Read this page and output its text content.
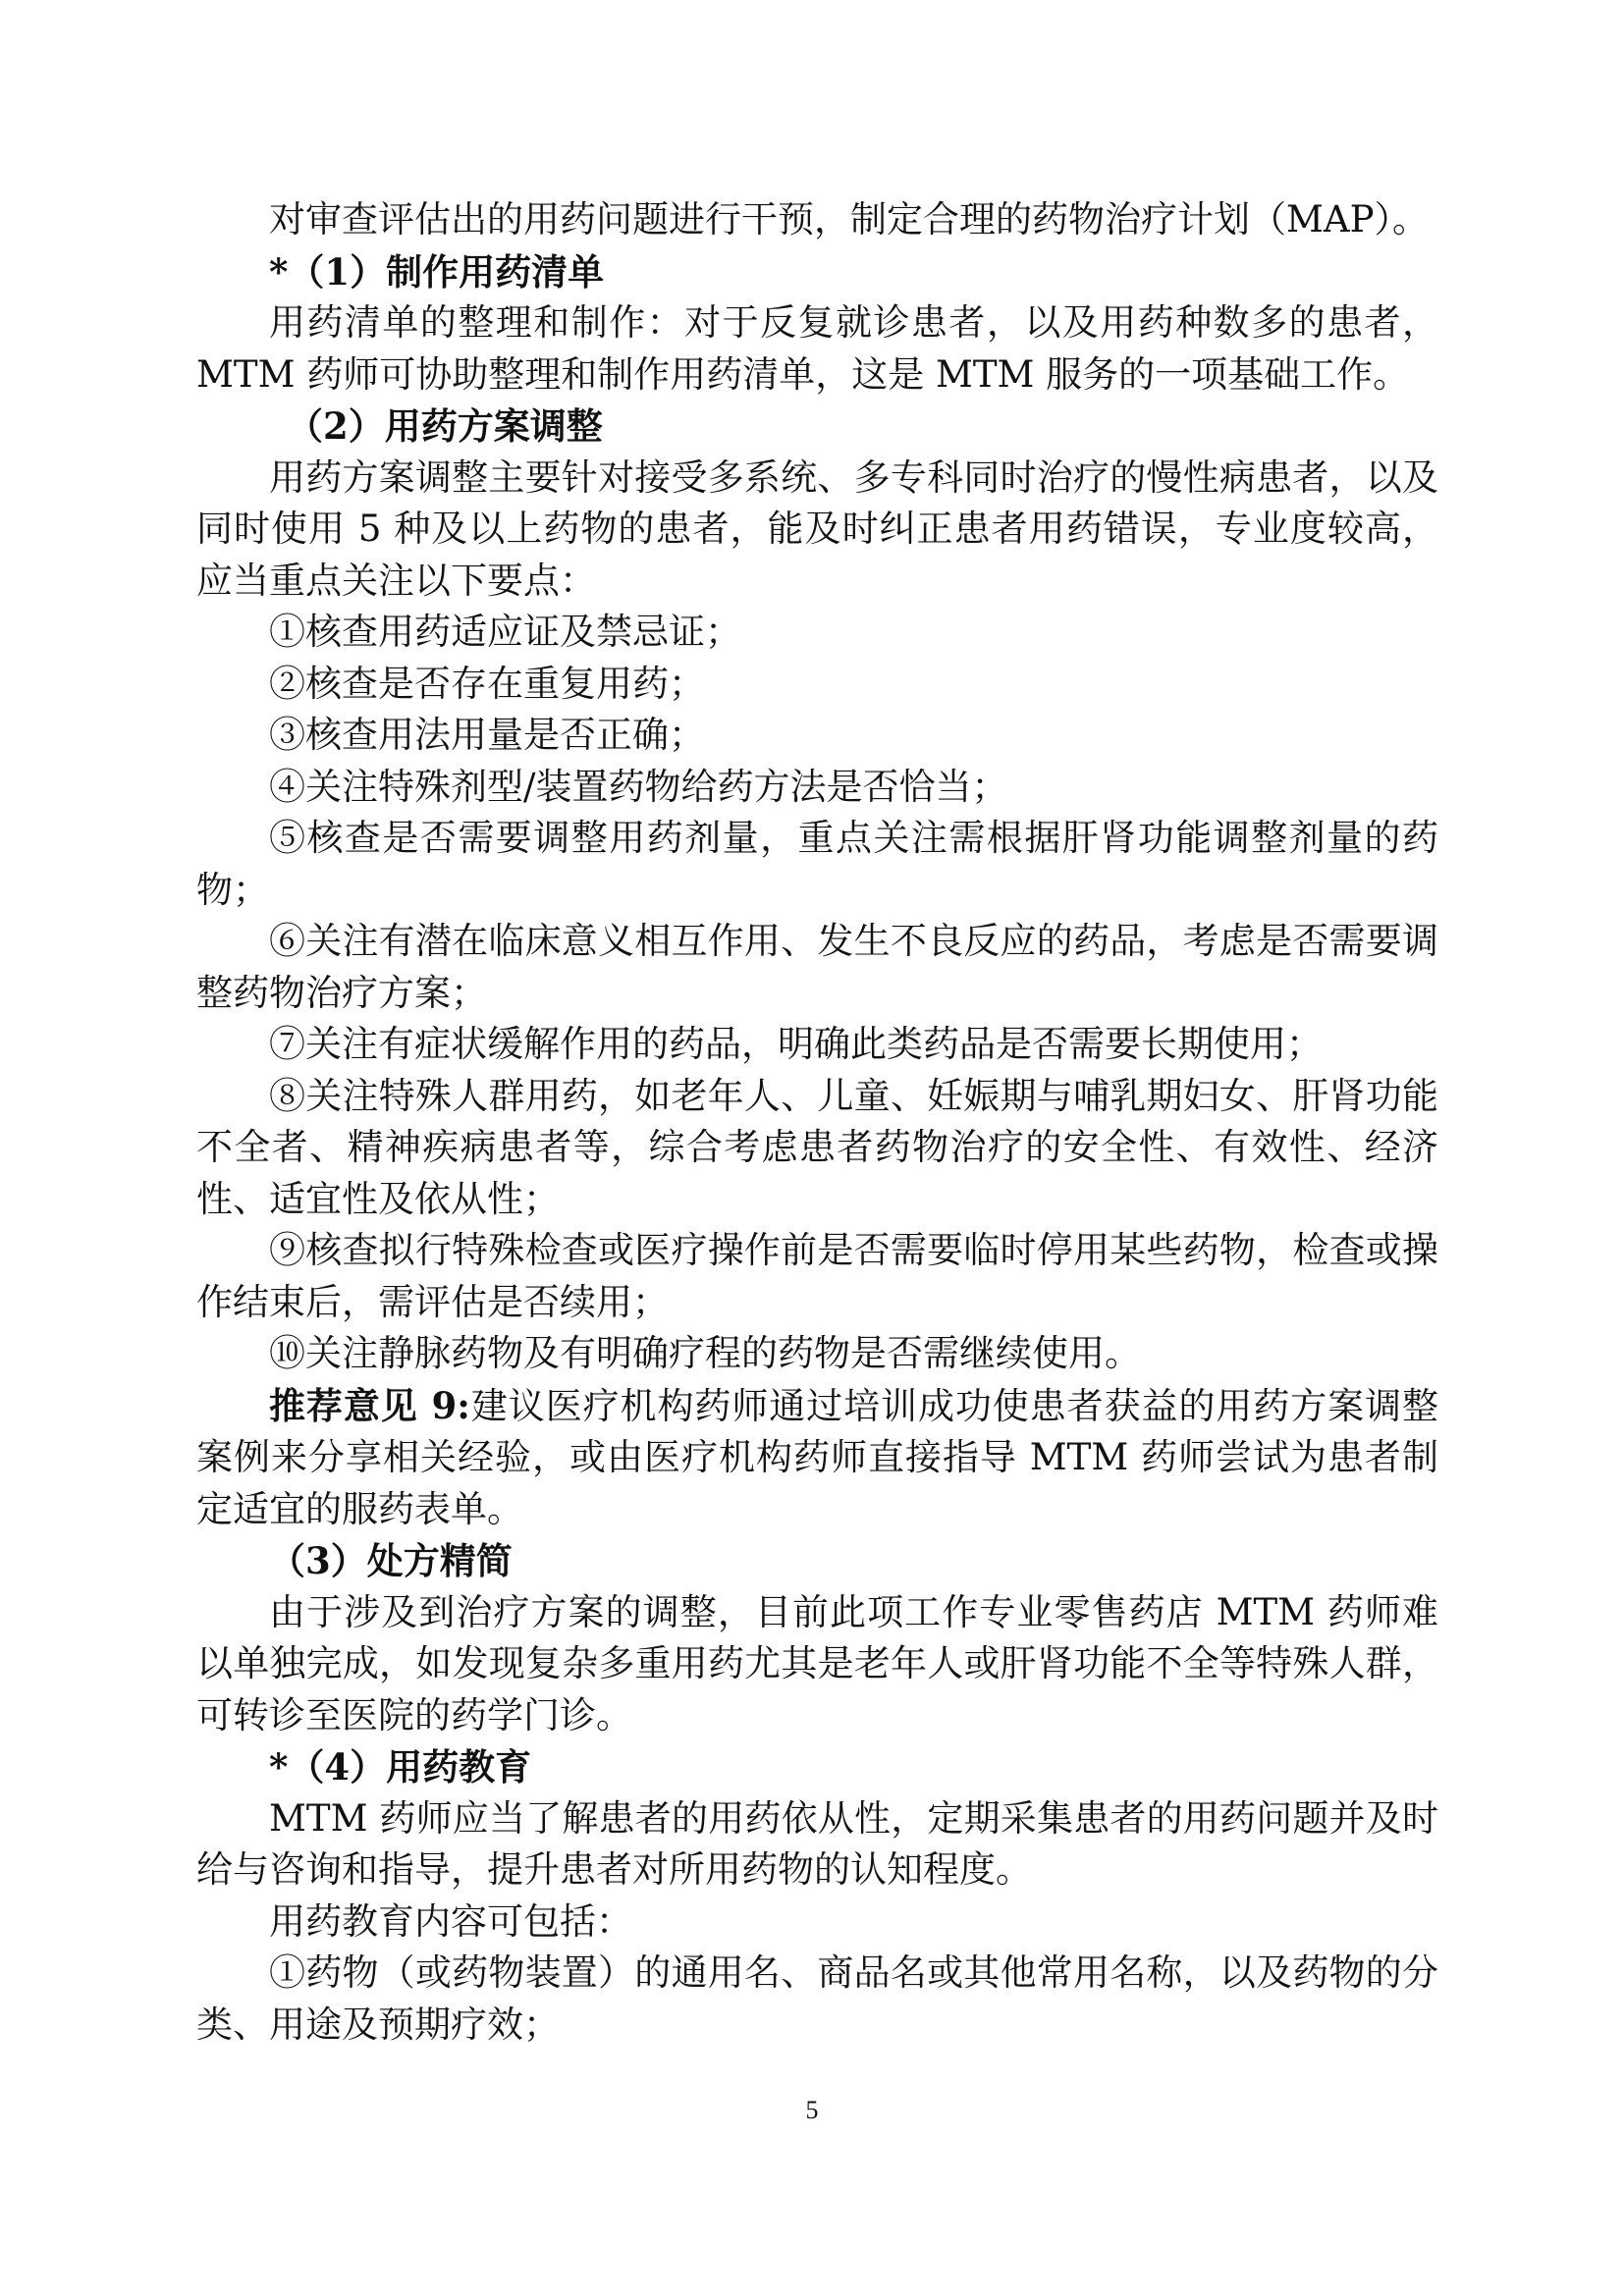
对审查评估出的用药问题进行干预，制定合理的药物治疗计划（MAP）。

*（1）制作用药清单

用药清单的整理和制作：对于反复就诊患者，以及用药种数多的患者，MTM 药师可协助整理和制作用药清单，这是 MTM 服务的一项基础工作。

（2）用药方案调整

用药方案调整主要针对接受多系统、多专科同时治疗的慢性病患者，以及同时使用 5 种及以上药物的患者，能及时纠正患者用药错误，专业度较高，应当重点关注以下要点：

①核查用药适应证及禁忌证；

②核查是否存在重复用药；

③核查用法用量是否正确；

④关注特殊剂型/装置药物给药方法是否恰当；

⑤核查是否需要调整用药剂量，重点关注需根据肝肾功能调整剂量的药物；

⑥关注有潜在临床意义相互作用、发生不良反应的药品，考虑是否需要调整药物治疗方案；

⑦关注有症状缓解作用的药品，明确此类药品是否需要长期使用；

⑧关注特殊人群用药，如老年人、儿童、妊娠期与哺乳期妇女、肝肾功能不全者、精神疾病患者等，综合考虑患者药物治疗的安全性、有效性、经济性、适宜性及依从性；

⑨核查拟行特殊检查或医疗操作前是否需要临时停用某些药物，检查或操作结束后，需评估是否续用；

⑩关注静脉药物及有明确疗程的药物是否需继续使用。

推荐意见 9:建议医疗机构药师通过培训成功使患者获益的用药方案调整案例来分享相关经验，或由医疗机构药师直接指导 MTM 药师尝试为患者制定适宜的服药表单。

（3）处方精简

由于涉及到治疗方案的调整，目前此项工作专业零售药店 MTM 药师难以单独完成，如发现复杂多重用药尤其是老年人或肝肾功能不全等特殊人群，可转诊至医院的药学门诊。

*（4）用药教育

MTM 药师应当了解患者的用药依从性，定期采集患者的用药问题并及时给与咨询和指导，提升患者对所用药物的认知程度。

用药教育内容可包括：

①药物（或药物装置）的通用名、商品名或其他常用名称，以及药物的分类、用途及预期疗效；

5
